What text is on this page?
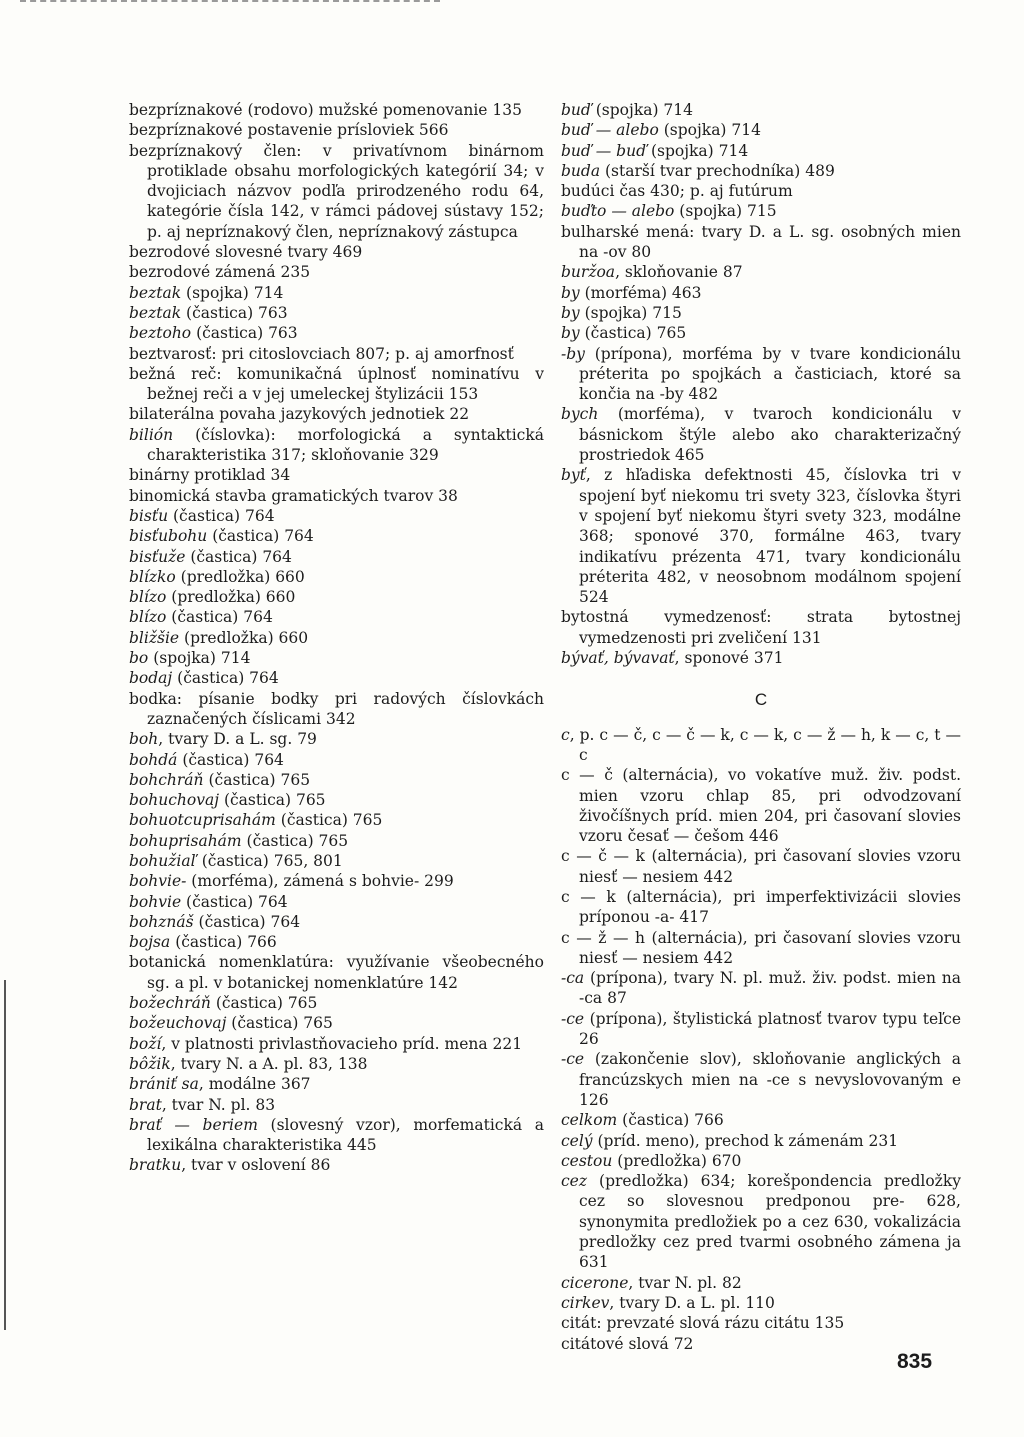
bezpríznakové (rodovo) mužské pomenovanie 135

bezpríznakové postavenie prísloviek 566

bezpríznakový člen: v privatívnom binárnom protiklade obsahu morfologických kategórií 34; v dvojiciach názvov podľa prirodzeného rodu 64, kategórie čísla 142, v rámci pádovej sústavy 152; p. aj nepríznakový člen, nepríznakový zástupca

bezrodové slovesné tvary 469

bezrodové zámená 235

beztak (spojka) 714

beztak (častica) 763

beztoho (častica) 763

beztvarosť: pri citoslovciach 807; p. aj amorfnosť

bežná reč: komunikačná úplnosť nominatívu v bežnej reči a v jej umeleckej štylizácii 153

bilaterálna povaha jazykových jednotiek 22

bilión (číslovka): morfologická a syntaktická charakteristika 317; skloňovanie 329

binárny protiklad 34

binomická stavba gramatických tvarov 38

bisťu (častica) 764

bisťubohu (častica) 764

bisťuže (častica) 764

blízko (predložka) 660

blízo (predložka) 660

blízo (častica) 764

bližšie (predložka) 660

bo (spojka) 714

bodaj (častica) 764

bodka: písanie bodky pri radových číslovkách zaznačených číslicami 342

boh, tvary D. a L. sg. 79

bohdá (častica) 764

bohchráň (častica) 765

bohuchovaj (častica) 765

bohuotcuprisahám (častica) 765

bohuprisahám (častica) 765

bohužiaľ (častica) 765, 801

bohvie- (morféma), zámená s bohvie- 299

bohvie (častica) 764

bohznáš (častica) 764

bojsa (častica) 766

botanická nomenklatúra: využívanie všeobecného sg. a pl. v botanickej nomenklatúre 142

božechráň (častica) 765

božeuchovaj (častica) 765

boží, v platnosti privlastňovacieho príd. mena 221

bôžik, tvary N. a A. pl. 83, 138

brániť sa, modálne 367

brat, tvar N. pl. 83

brať — beriem (slovesný vzor), morfematická a lexikálna charakteristika 445

bratku, tvar v oslovení 86

buď (spojka) 714

buď — alebo (spojka) 714

buď — buď (spojka) 714

buda (starší tvar prechodníka) 489

budúci čas 430; p. aj futúrum

buďto — alebo (spojka) 715

bulharské mená: tvary D. a L. sg. osobných mien na -ov 80

buržoa, skloňovanie 87

by (morféma) 463

by (spojka) 715

by (častica) 765

-by (prípona), morféma by v tvare kondicionálu préterita po spojkách a časticiach, ktoré sa končia na -by 482

bych (morféma), v tvaroch kondicionálu v básnickom štýle alebo ako charakterizačný prostriedok 465

byť, z hľadiska defektnosti 45, číslovka tri v spojení byť niekomu tri svety 323, číslovka štyri v spojení byť niekomu štyri svety 323, modálne 368; sponové 370, formálne 463, tvary indikatívu prézenta 471, tvary kondicionálu préterita 482, v neosobnom modálnom spojení 524

bytostná vymedzenosť: strata bytostnej vymedzenosti pri zveličení 131

bývať, bývavať, sponové 371

C

c, p. c — č, c — č — k, c — k, c — ž — h, k — c, t — c

c — č (alternácia), vo vokatíve muž. živ. podst. mien vzoru chlap 85, pri odvodzovaní živočíšnych príd. mien 204, pri časovaní slovies vzoru česať — češom 446

c — č — k (alternácia), pri časovaní slovies vzoru niesť — nesiem 442

c — k (alternácia), pri imperfektivizácii slovies príponou -a- 417

c — ž — h (alternácia), pri časovaní slovies vzoru niesť — nesiem 442

-ca (prípona), tvary N. pl. muž. živ. podst. mien na -ca 87

-ce (prípona), štylistická platnosť tvarov typu teľce 26

-ce (zakončenie slov), skloňovanie anglických a francúzskych mien na -ce s nevyslovovaným e 126

celkom (častica) 766

celý (príd. meno), prechod k zámenám 231

cestou (predložka) 670

cez (predložka) 634; korešpondencia predložky cez so slovesnou predponou pre- 628, synonymita predložiek po a cez 630, vokalizácia predložky cez pred tvarmi osobného zámena ja 631

cicerone, tvar N. pl. 82

cirkev, tvary D. a L. pl. 110

citát: prevzaté slová rázu citátu 135

citátové slová 72

835
